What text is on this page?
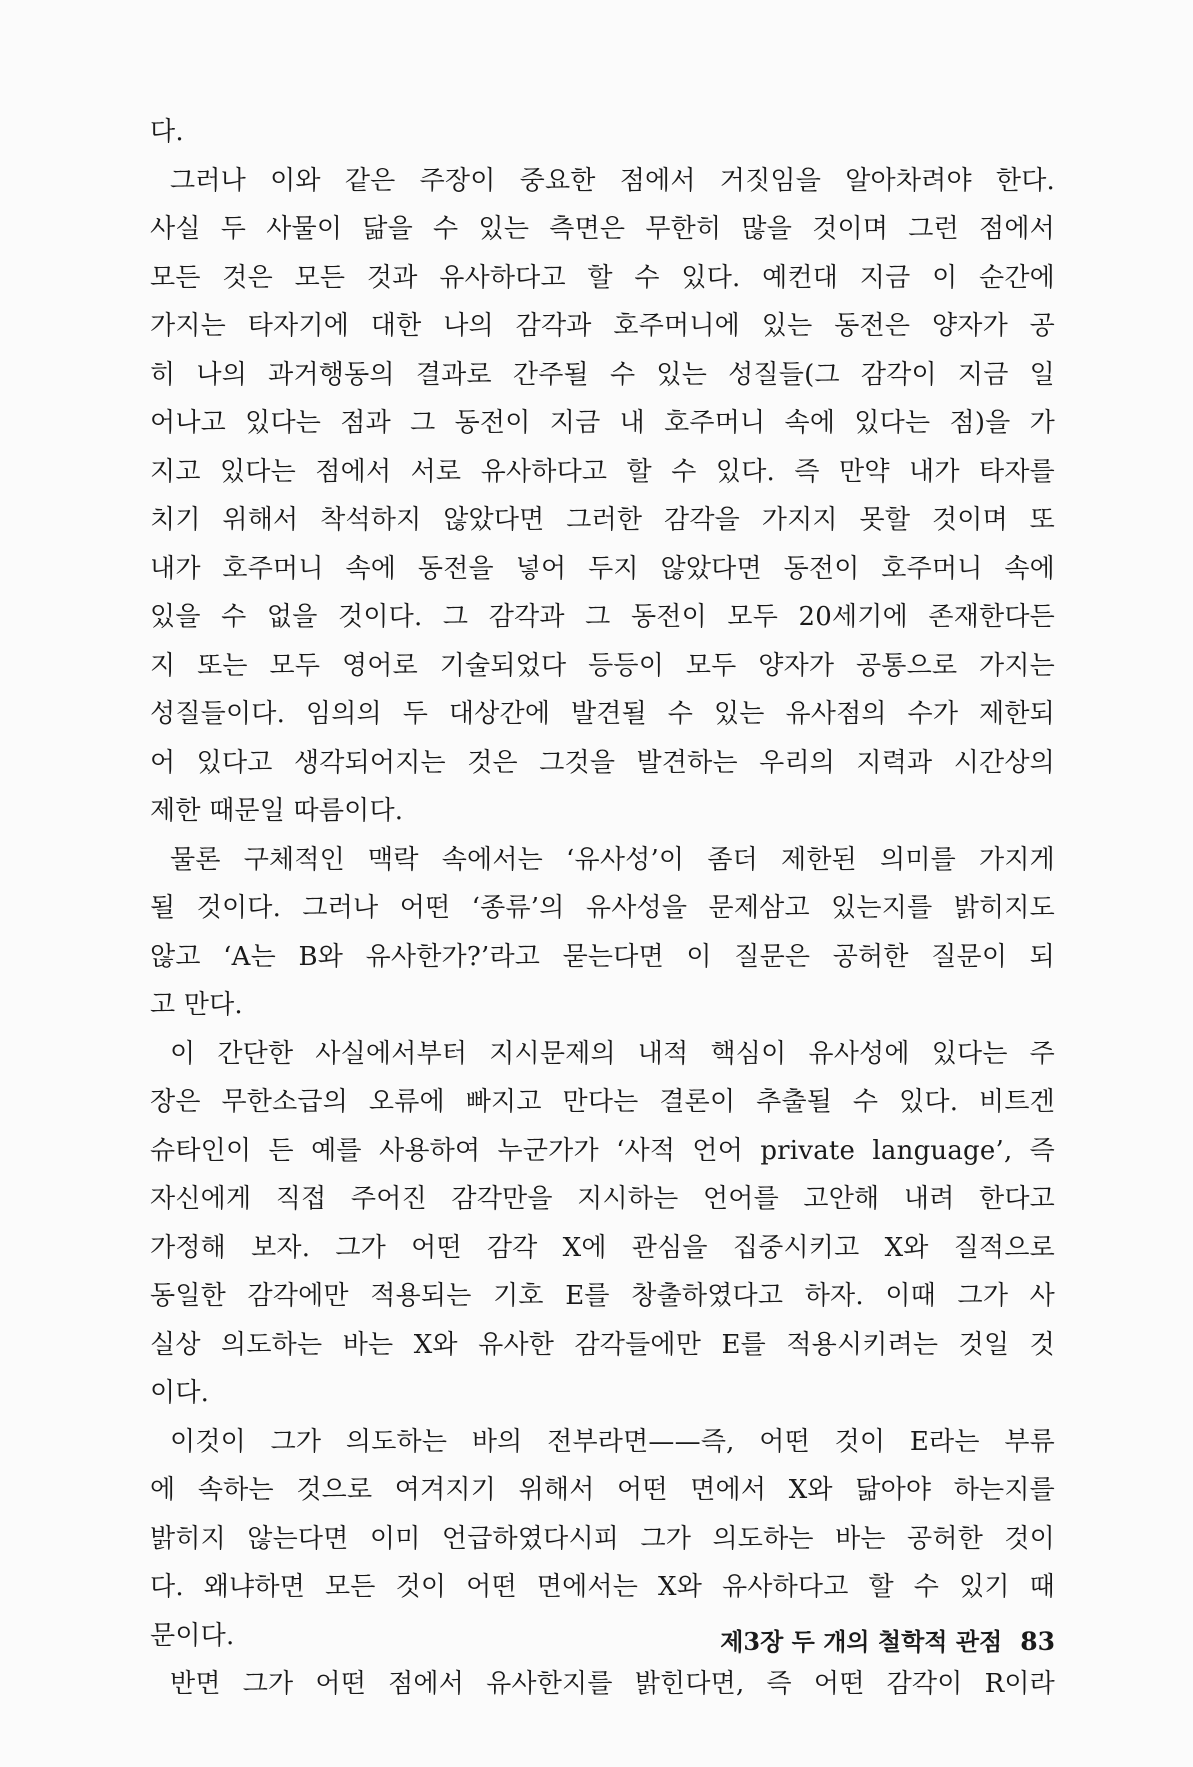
다.
그러나 이와 같은 주장이 중요한 점에서 거짓임을 알아차려야 한다.
사실 두 사물이 닮을 수 있는 측면은 무한히 많을 것이며 그런 점에서
모든 것은 모든 것과 유사하다고 할 수 있다. 예컨대 지금 이 순간에
가지는 타자기에 대한 나의 감각과 호주머니에 있는 동전은 양자가 공
히 나의 과거행동의 결과로 간주될 수 있는 성질들(그 감각이 지금 일
어나고 있다는 점과 그 동전이 지금 내 호주머니 속에 있다는 점)을 가
지고 있다는 점에서 서로 유사하다고 할 수 있다. 즉 만약 내가 타자를
치기 위해서 착석하지 않았다면 그러한 감각을 가지지 못할 것이며 또
내가 호주머니 속에 동전을 넣어 두지 않았다면 동전이 호주머니 속에
있을 수 없을 것이다. 그 감각과 그 동전이 모두 20세기에 존재한다든
지 또는 모두 영어로 기술되었다 등등이 모두 양자가 공통으로 가지는
성질들이다. 임의의 두 대상간에 발견될 수 있는 유사점의 수가 제한되
어 있다고 생각되어지는 것은 그것을 발견하는 우리의 지력과 시간상의
제한 때문일 따름이다.
물론 구체적인 맥락 속에서는 ‘유사성’이 좀더 제한된 의미를 가지게
될 것이다. 그러나 어떤 ‘종류’의 유사성을 문제삼고 있는지를 밝히지도
않고 ‘A는 B와 유사한가?’라고 묻는다면 이 질문은 공허한 질문이 되
고 만다.
이 간단한 사실에서부터 지시문제의 내적 핵심이 유사성에 있다는 주
장은 무한소급의 오류에 빠지고 만다는 결론이 추출될 수 있다. 비트겐
슈타인이 든 예를 사용하여 누군가가 ‘사적 언어 private language’, 즉
자신에게 직접 주어진 감각만을 지시하는 언어를 고안해 내려 한다고
가정해 보자. 그가 어떤 감각 X에 관심을 집중시키고 X와 질적으로
동일한 감각에만 적용되는 기호 E를 창출하였다고 하자. 이때 그가 사
실상 의도하는 바는 X와 유사한 감각들에만 E를 적용시키려는 것일 것
이다.
이것이 그가 의도하는 바의 전부라면——즉, 어떤 것이 E라는 부류
에 속하는 것으로 여겨지기 위해서 어떤 면에서 X와 닮아야 하는지를
밝히지 않는다면 이미 언급하였다시피 그가 의도하는 바는 공허한 것이
다. 왜냐하면 모든 것이 어떤 면에서는 X와 유사하다고 할 수 있기 때
문이다.
반면 그가 어떤 점에서 유사한지를 밝힌다면, 즉 어떤 감각이 R이라
제3장 두 개의 철학적 관점 83
